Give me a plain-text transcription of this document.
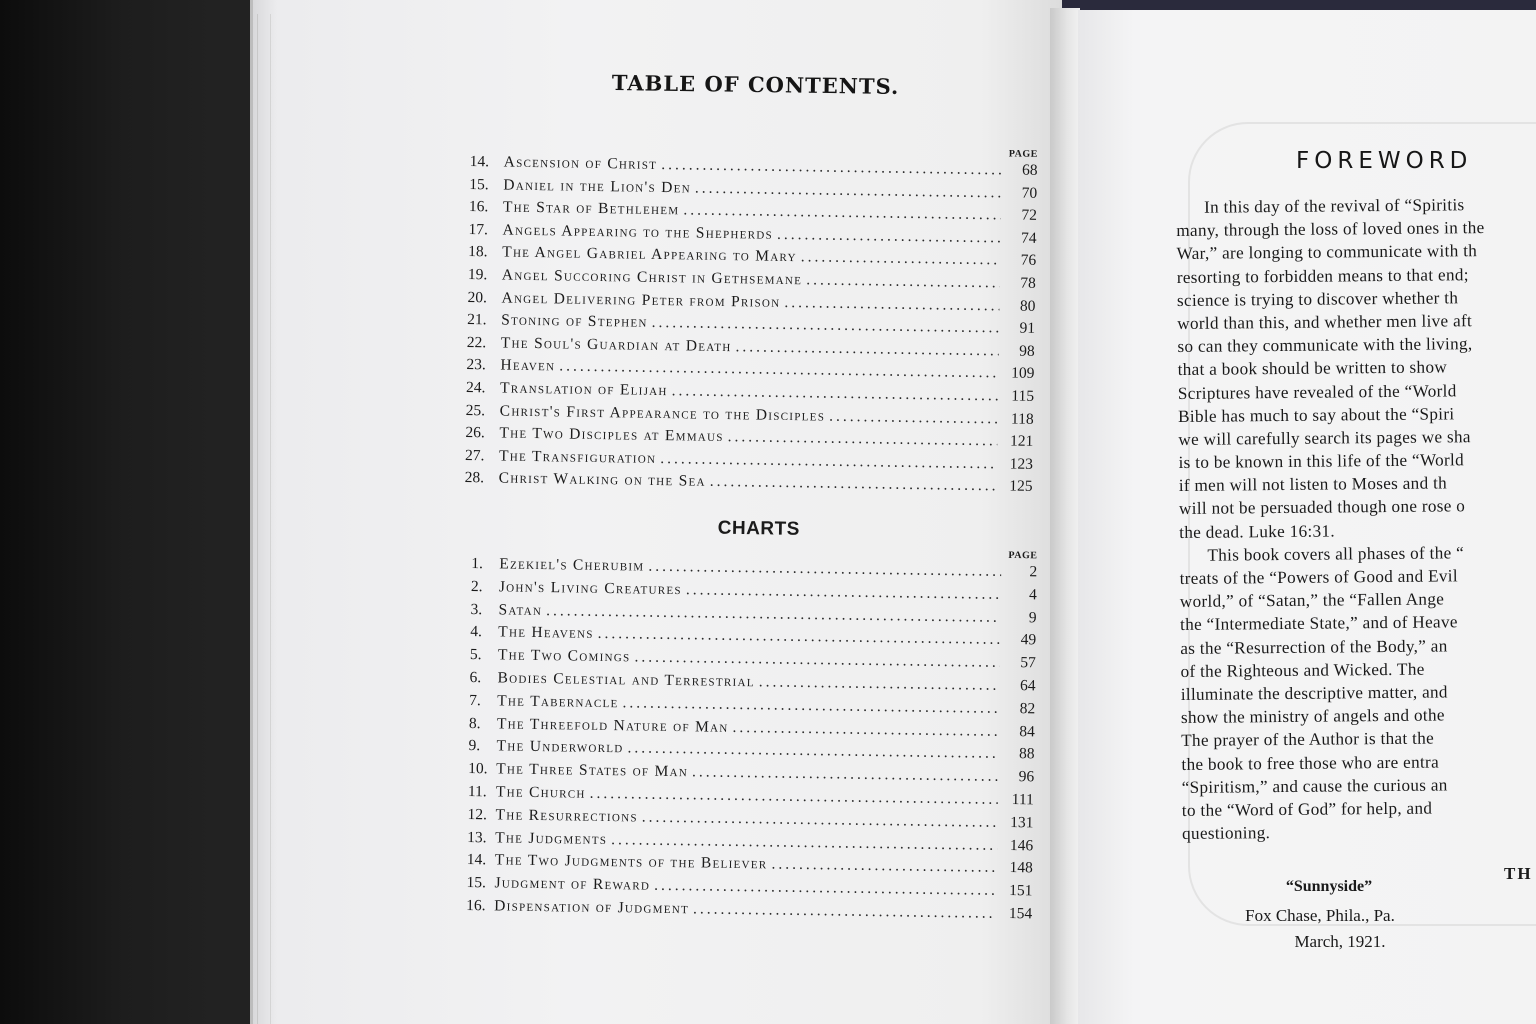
TABLE OF CONTENTS.
PAGE
14. Ascension of Christ .....	68
15. Daniel in the Lion's Den .....	70
16. The Star of Bethlehem .....	72
17. Angels Appearing to the Shepherds .....	74
18. The Angel Gabriel Appearing to Mary .....	76
19. Angel Succoring Christ in Gethsemane .....	78
20. Angel Delivering Peter from Prison .....	80
21. Stoning of Stephen .....	91
22. The Soul's Guardian at Death .....	98
23. Heaven .....	109
24. Translation of Elijah .....	115
25. Christ's First Appearance to the Disciples .....	118
26. The Two Disciples at Emmaus .....	121
27. The Transfiguration .....	123
28. Christ Walking on the Sea .....	125
CHARTS
PAGE
1.	Ezekiel's Cherubim .....	2
2.	John's Living Creatures .....	4
3.	Satan .....	9
4.	The Heavens .....	49
5.	The Two Comings .....	57
6.	Bodies Celestial and Terrestrial .....	64
7.	The Tabernacle .....	82
8.	The Threefold Nature of Man .....	84
9.	The Underworld .....	88
10. The Three States of Man .....	96
11. The Church .....	111
12. The Resurrections .....	131
13. The Judgments .....	146
14. The Two Judgments of the Believer .....	148
15. Judgment of Reward .....	151
16. Dispensation of Judgment .....	154
FOREWORD
In this day of the revival of “Spiritis
many, through the loss of loved ones in the
War,” are longing to communicate with th
resorting to forbidden means to that end;
science is trying to discover whether th
world than this, and whether men live aft
so can they communicate with the living,
that a book should be written to show
Scriptures have revealed of the “World
Bible has much to say about the “Spiri
we will carefully search its pages we sha
is to be known in this life of the “World
if men will not listen to Moses and th
will not be persuaded though one rose o
the dead. Luke 16:31.
This book covers all phases of the “
treats of the “Powers of Good and Evil
world,” of “Satan,” the “Fallen Ange
the “Intermediate State,” and of Heave
as the “Resurrection of the Body,” an
of the Righteous and Wicked. The
illuminate the descriptive matter, and
show the ministry of angels and othe
The prayer of the Author is that the
the book to free those who are entra
“Spiritism,” and cause the curious an
to the “Word of God” for help, and
questioning.
TH
“Sunnyside”
Fox Chase, Phila., Pa.
March, 1921.
